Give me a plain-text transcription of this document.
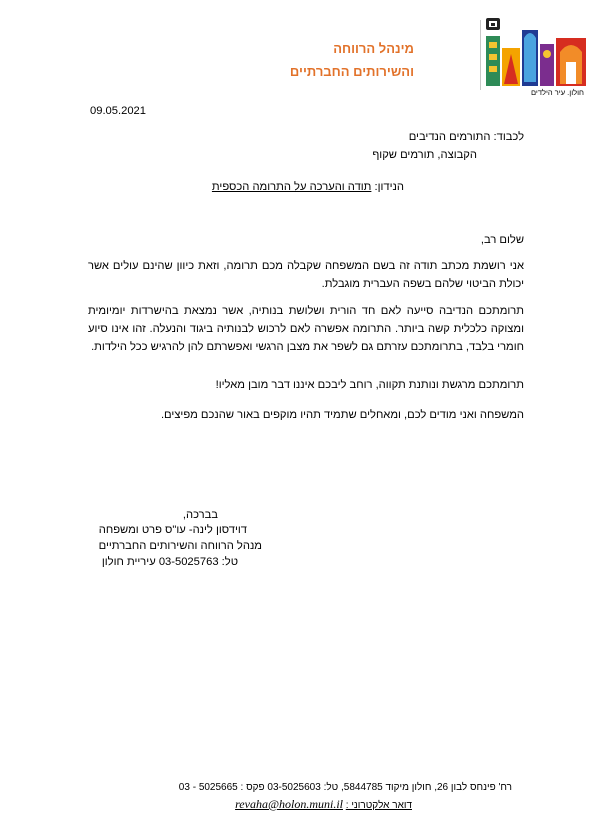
מינהל הרווחה
והשירותים החברתיים
חולון. עיר הילדים
09.05.2021
לכבוד: התורמים הנדיבים
הקבוצה, תורמים שקוף
הנידון: תודה והערכה על התרומה הכספית
שלום רב,
אני רושמת מכתב תודה זה בשם המשפחה שקבלה מכם תרומה, וזאת כיוון שהינם עולים אשר יכולת הביטוי שלהם בשפה העברית מוגבלת.
תרומתכם הנדיבה סייעה לאם חד הורית ושלושת בנותיה, אשר נמצאת בהישרדות יומיומית ומצוקה כלכלית קשה ביותר. התרומה אפשרה לאם לרכוש לבנותיה ביגוד והנעלה. זהו אינו סיוע חומרי בלבד, בתרומתכם עזרתם גם לשפר את מצבן הרגשי ואפשרתם להן להרגיש ככל הילדות.
תרומתכם מרגשת ונותנת תקווה, רוחב ליבכם איננו דבר מובן מאליו!
המשפחה ואני מודים לכם, ומאחלים שתמיד תהיו מוקפים באור שהנכם מפיצים.
בברכה,
דוידסון לינה- עו"ס פרט ומשפחה
מנהל הרווחה והשירותים החברתיים
טל: 03-5025763 עיריית חולון
רח' פינחס לבון 26, חולון מיקוד 5844785, טל: 03-5025603 פקס : 5025665 - 03
דואר אלקטרוני : revaha@holon.muni.il
